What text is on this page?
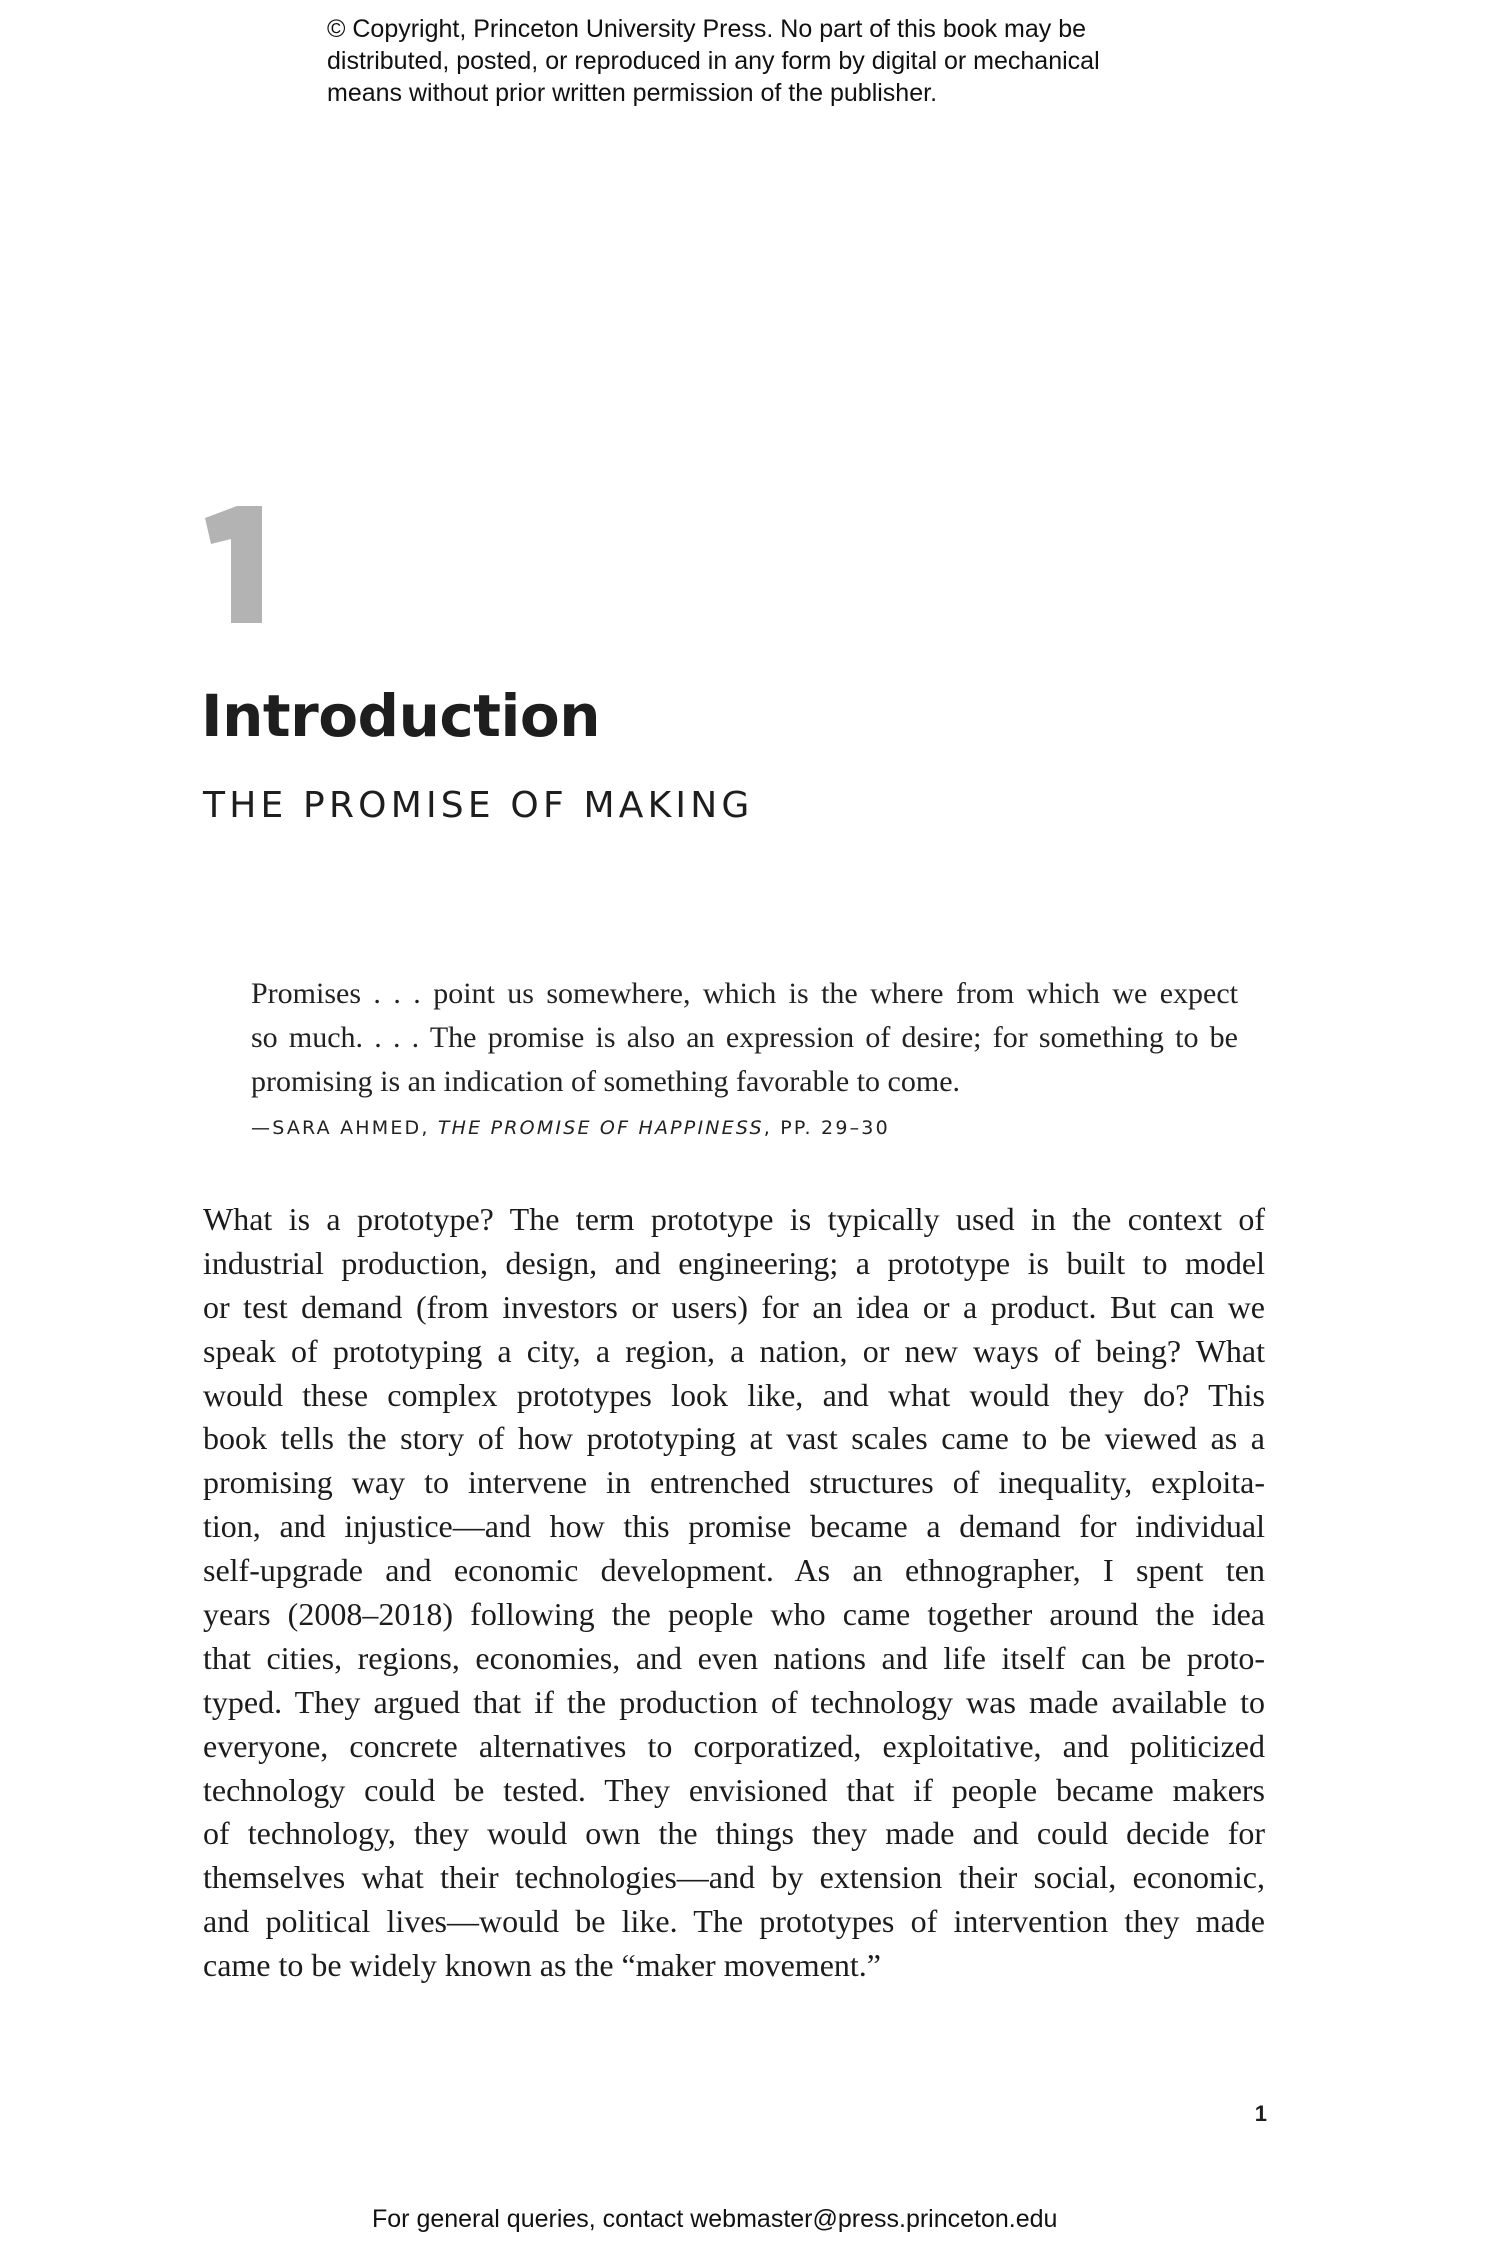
© Copyright, Princeton University Press. No part of this book may be
distributed, posted, or reproduced in any form by digital or mechanical
means without prior written permission of the publisher.
Introduction
THE PROMISE OF MAKING
Promises . . . point us somewhere, which is the where from which we expect
so much. . . . The promise is also an expression of desire; for something to be
promising is an indication of something favorable to come.
—SARA AHMED, THE PROMISE OF HAPPINESS, PP. 29–30
What is a prototype? The term prototype is typically used in the context of
industrial production, design, and engineering; a prototype is built to model
or test demand (from investors or users) for an idea or a product. But can we
speak of prototyping a city, a region, a nation, or new ways of being? What
would these complex prototypes look like, and what would they do? This
book tells the story of how prototyping at vast scales came to be viewed as a
promising way to intervene in entrenched structures of inequality, exploita-
tion, and injustice—and how this promise became a demand for individual
self-upgrade and economic development. As an ethnographer, I spent ten
years (2008–2018) following the people who came together around the idea
that cities, regions, economies, and even nations and life itself can be proto-
typed. They argued that if the production of technology was made available to
everyone, concrete alternatives to corporatized, exploitative, and politicized
technology could be tested. They envisioned that if people became makers
of technology, they would own the things they made and could decide for
themselves what their technologies—and by extension their social, economic,
and political lives—would be like. The prototypes of intervention they made
came to be widely known as the “maker movement.”
1
For general queries, contact webmaster@press.princeton.edu
